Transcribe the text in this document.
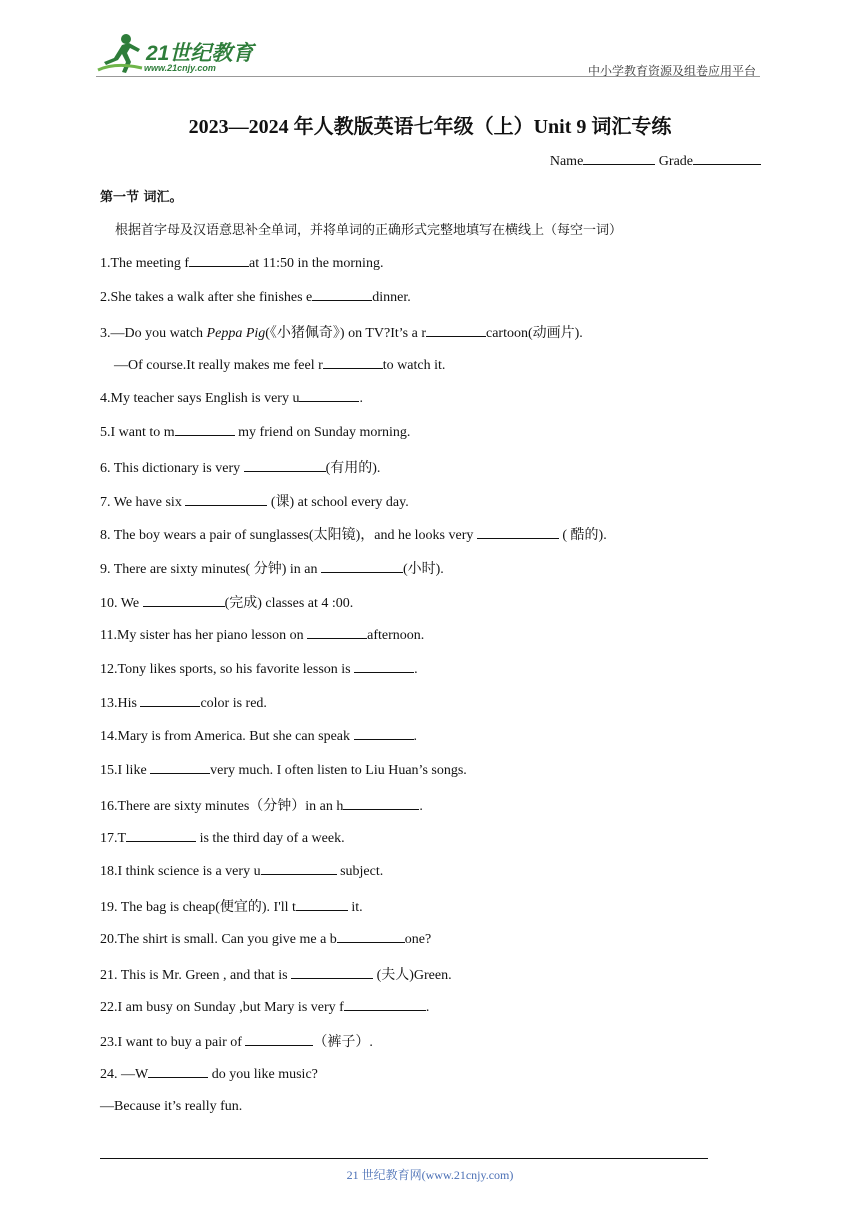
21世纪教育
www.21cnjy.com	中小学教育资源及组卷应用平台
2023—2024 年人教版英语七年级（上）Unit 9 词汇专练
Name	Grade
第一节 词汇。
根据首字母及汉语意思补全单词，并将单词的正确形式完整地填写在横线上（每空一词）
1.The meeting f	at 11:50 in the morning.
2.She takes a walk after she finishes e	dinner.
3.—Do you watch Peppa Pig(《小猪佩奇》) on TV?It’s a r	cartoon(动画片).
—Of course.It really makes me feel r	to watch it.
4.My teacher says English is very u	.
5.I want to m	my friend on Sunday morning.
6. This dictionary is very	(有用的).
7. We have six	(课) at school every day.
8. The boy wears a pair of sunglasses(太阳镜)，and he looks very	( 酷的).
9. There are sixty minutes( 分钟) in an	(小时).
10. We	(完成) classes at 4 :00.
11.My sister has her piano lesson on	afternoon.
12.Tony likes sports, so his favorite lesson is	.
13.His	color is red.
14.Mary is from America. But she can speak	.
15.I like	very much. I often listen to Liu Huan’s songs.
16.There are sixty minutes（分钟）in an h	.
17.T	is the third day of a week.
18.I think science is a very u	subject.
19. The bag is cheap(便宜的). I'll t	it.
20.The shirt is small. Can you give me a b	one?
21. This is Mr. Green , and that is	(夫人)Green.
22.I am busy on Sunday ,but Mary is very f	.
23.I want to buy a pair of	（裤子）.
24. —W	do you like music?
—Because it’s really fun.
21 世纪教育网(www.21cnjy.com)
